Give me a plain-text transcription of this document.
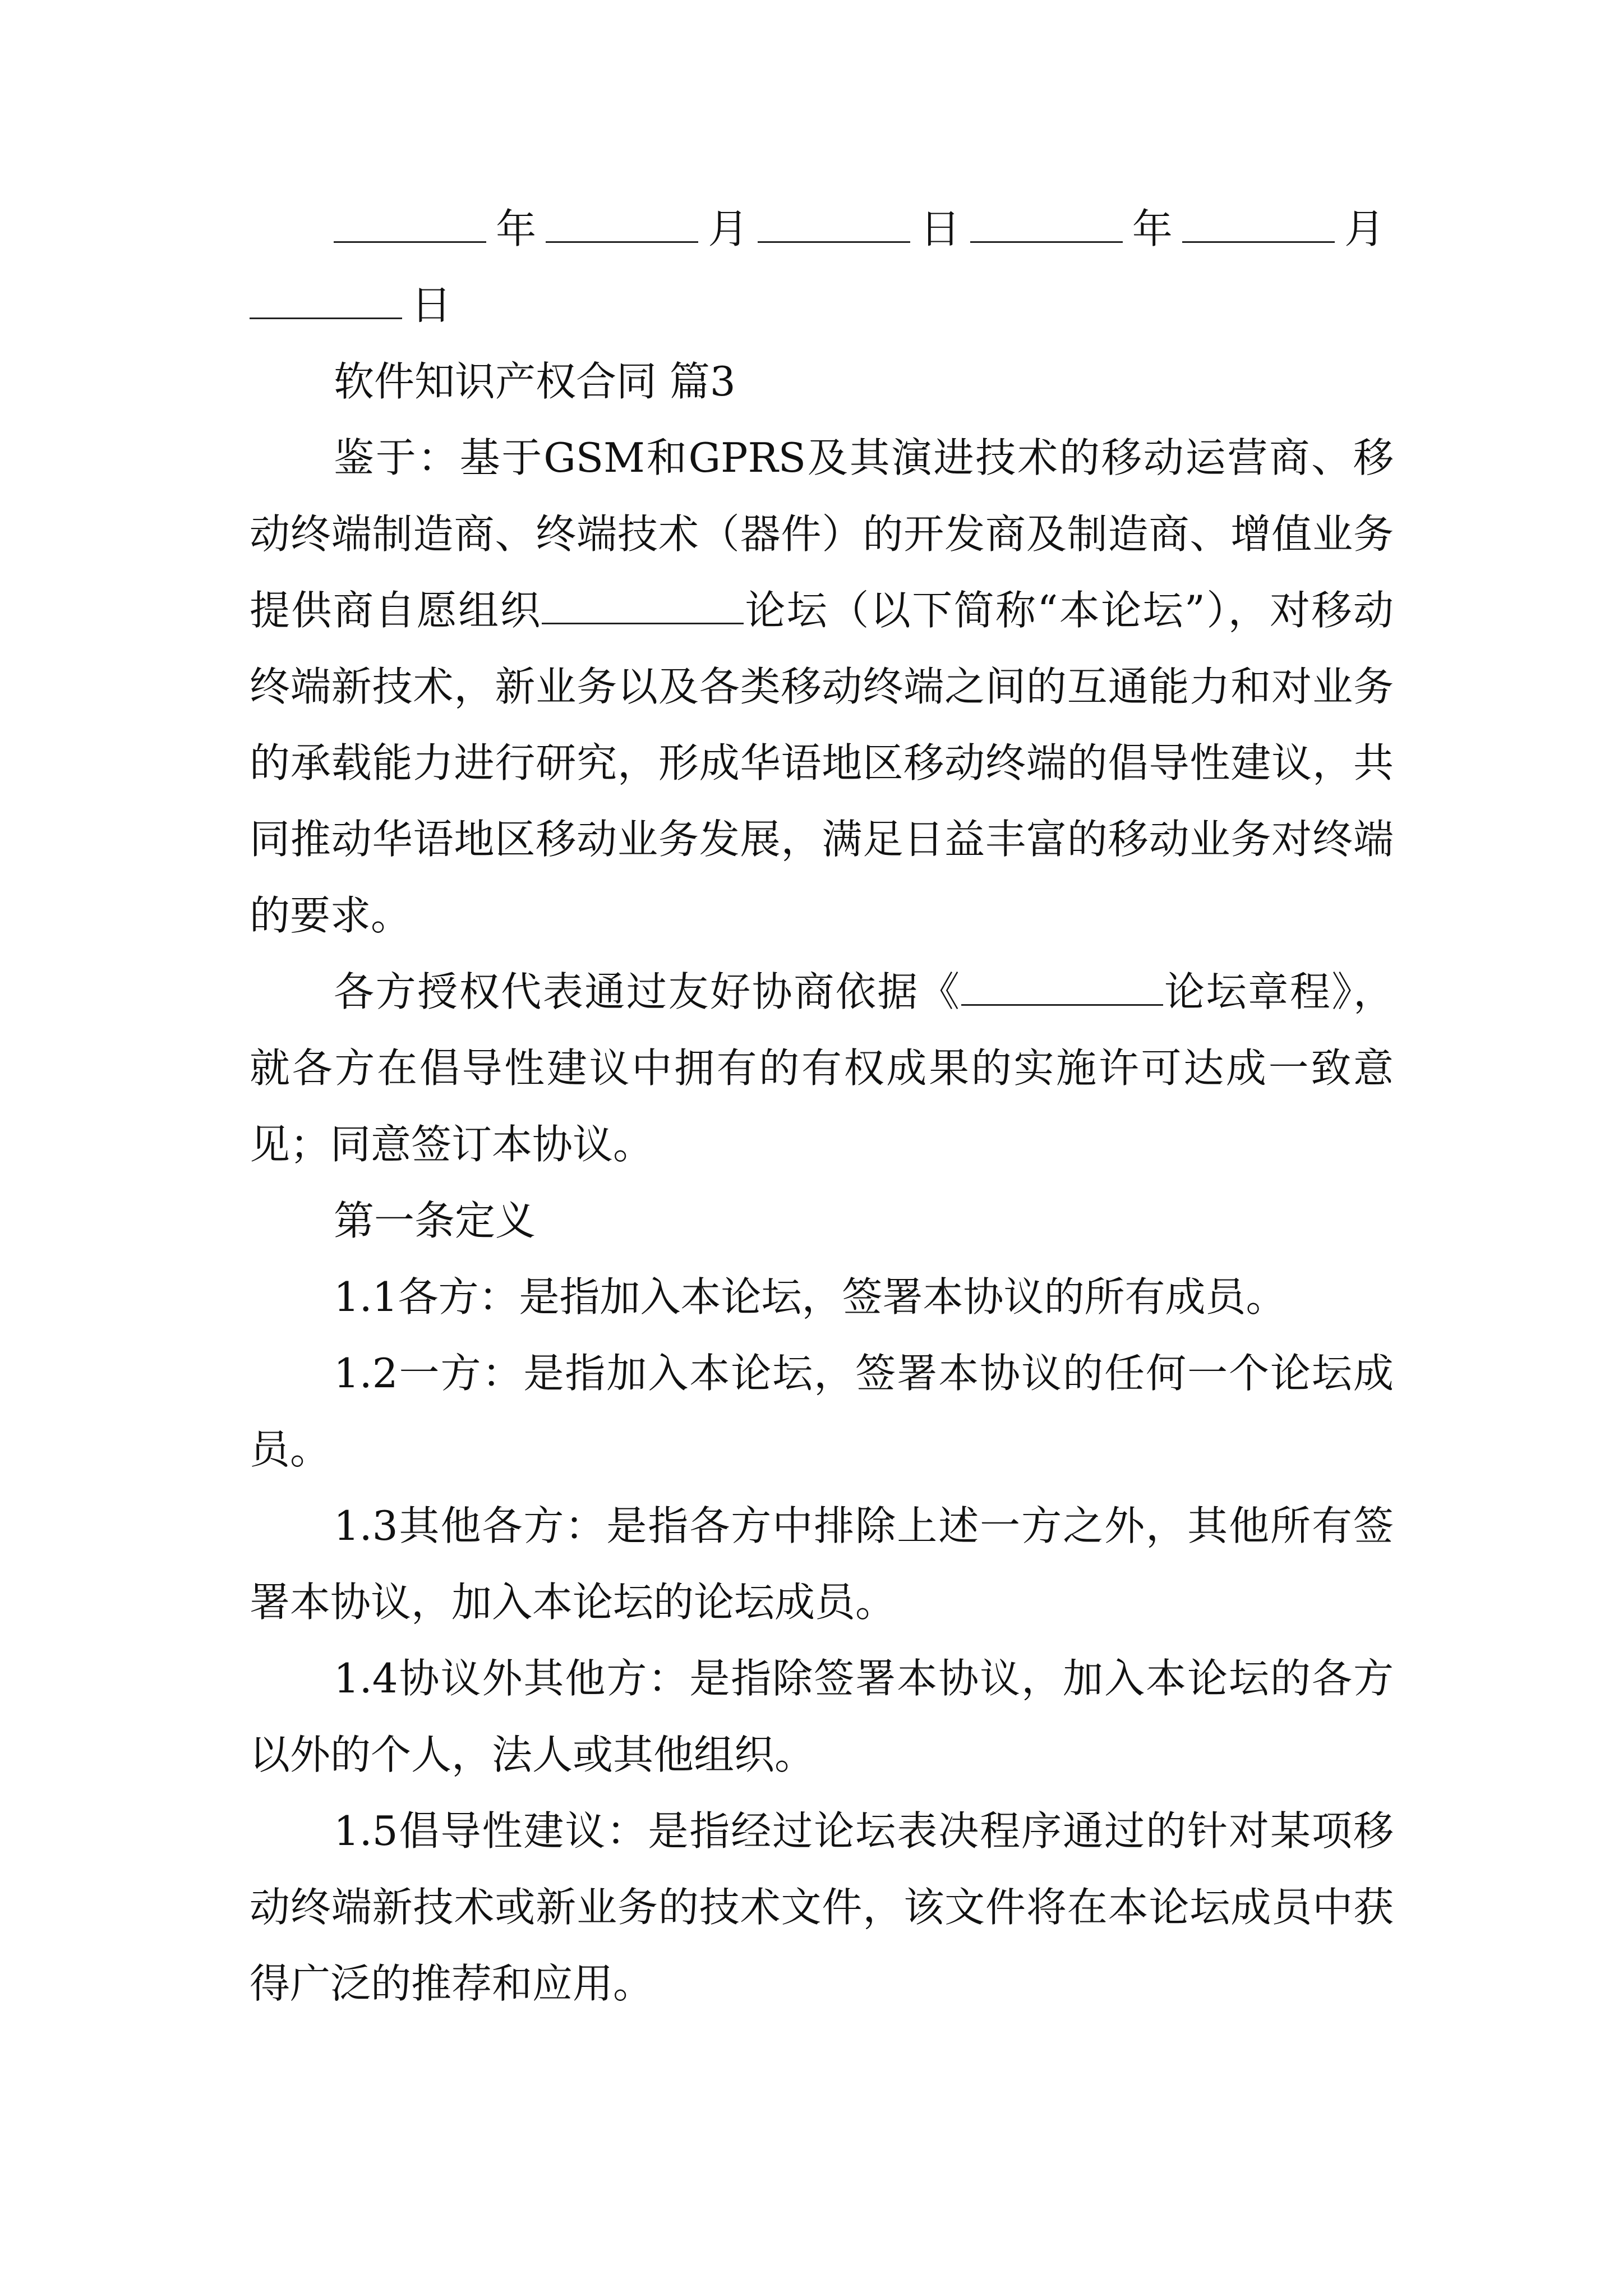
年	月	日	年	月日

软件知识产权合同 篇3

鉴于：基于GSM和GPRS及其演进技术的移动运营商、移动终端制造商、终端技术（器件）的开发商及制造商、增值业务提供商自愿组织	论坛（以下简称“本论坛”），对移动终端新技术，新业务以及各类移动终端之间的互通能力和对业务的承载能力进行研究，形成华语地区移动终端的倡导性建议，共同推动华语地区移动业务发展，满足日益丰富的移动业务对终端的要求。

各方授权代表通过友好协商依据《	论坛章程》，就各方在倡导性建议中拥有的有权成果的实施许可达成一致意见；同意签订本协议。

第一条定义

1.1各方：是指加入本论坛，签署本协议的所有成员。

1.2一方：是指加入本论坛，签署本协议的任何一个论坛成员。

1.3其他各方：是指各方中排除上述一方之外，其他所有签署本协议，加入本论坛的论坛成员。

1.4协议外其他方：是指除签署本协议，加入本论坛的各方以外的个人，法人或其他组织。

1.5倡导性建议：是指经过论坛表决程序通过的针对某项移动终端新技术或新业务的技术文件，该文件将在本论坛成员中获得广泛的推荐和应用。
